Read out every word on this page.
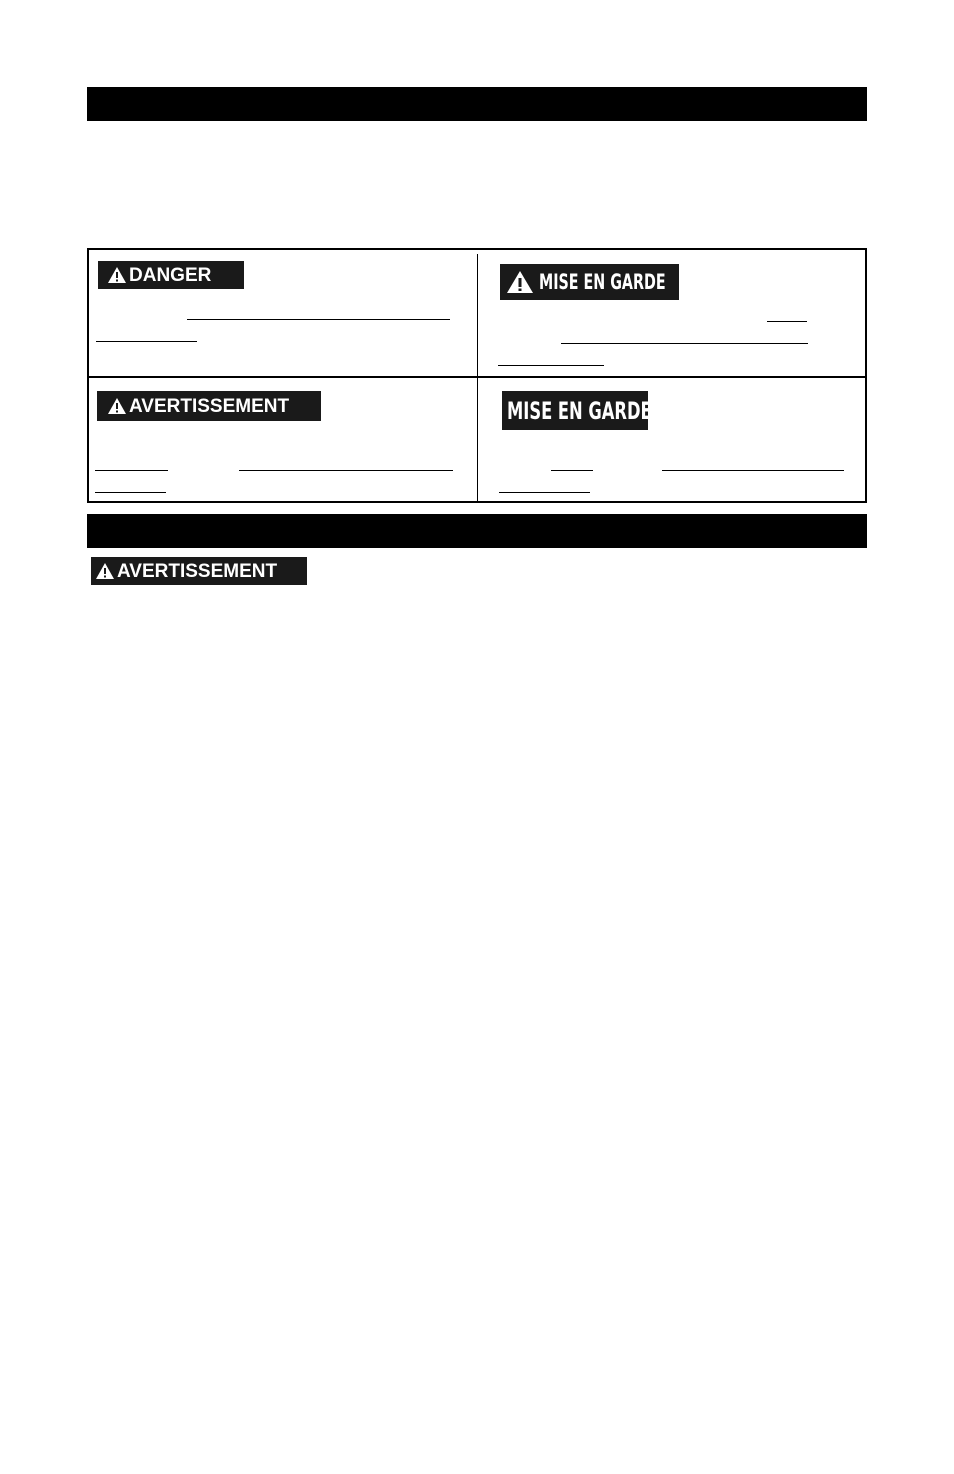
DANGER	MISE EN GARDE
AVERTISSEMENT	MISE EN GARDE
AVERTISSEMENT
